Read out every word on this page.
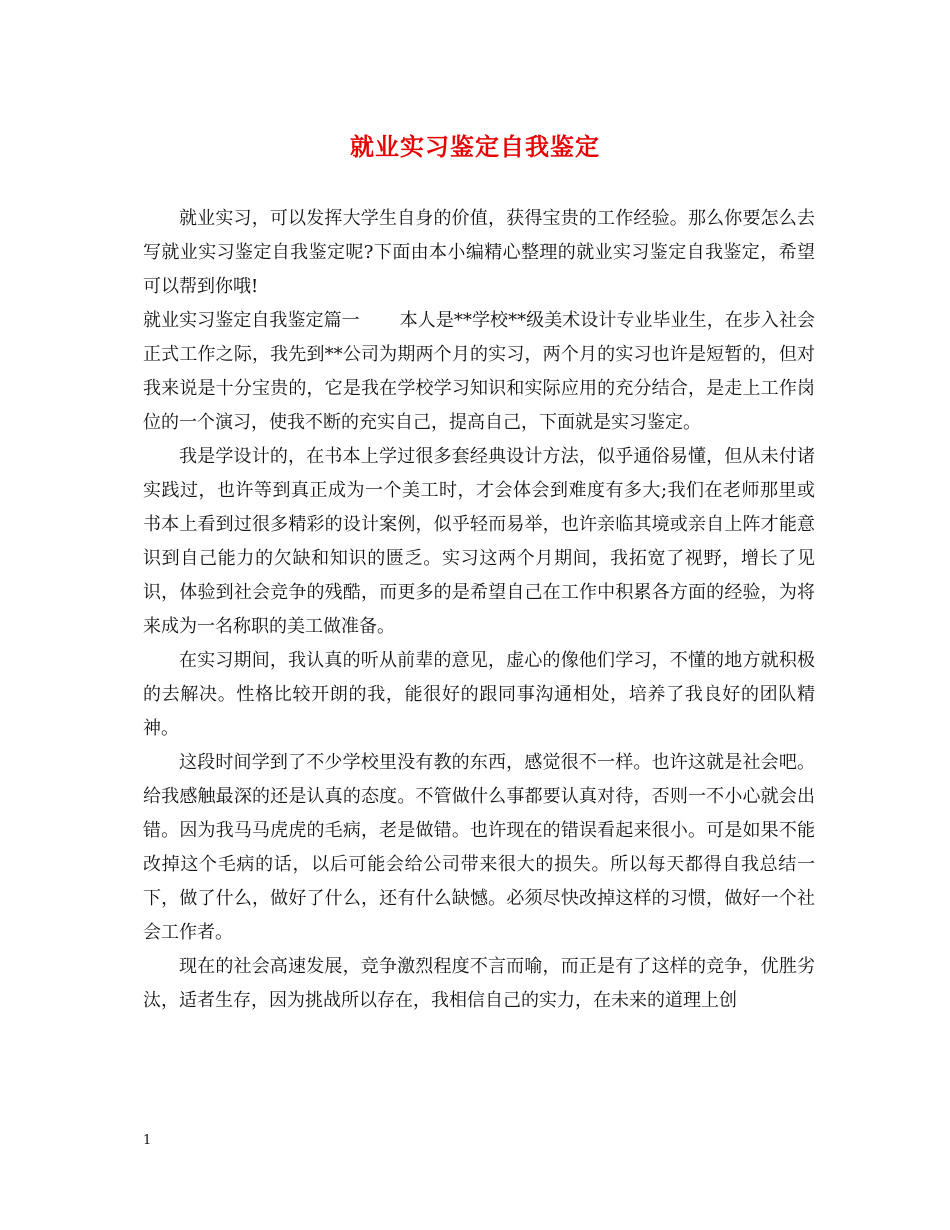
就业实习鉴定自我鉴定

就业实习，可以发挥大学生自身的价值，获得宝贵的工作经验。那么你要怎么去写就业实习鉴定自我鉴定呢?下面由本小编精心整理的就业实习鉴定自我鉴定，希望可以帮到你哦!

就业实习鉴定自我鉴定篇一 本人是**学校**级美术设计专业毕业生，在步入社会正式工作之际，我先到**公司为期两个月的实习，两个月的实习也许是短暂的，但对我来说是十分宝贵的，它是我在学校学习知识和实际应用的充分结合，是走上工作岗位的一个演习，使我不断的充实自己，提高自己，下面就是实习鉴定。

我是学设计的，在书本上学过很多套经典设计方法，似乎通俗易懂，但从未付诸实践过，也许等到真正成为一个美工时，才会体会到难度有多大;我们在老师那里或书本上看到过很多精彩的设计案例，似乎轻而易举，也许亲临其境或亲自上阵才能意识到自己能力的欠缺和知识的匮乏。实习这两个月期间，我拓宽了视野，增长了见识，体验到社会竞争的残酷，而更多的是希望自己在工作中积累各方面的经验，为将来成为一名称职的美工做准备。

在实习期间，我认真的听从前辈的意见，虚心的像他们学习，不懂的地方就积极的去解决。性格比较开朗的我，能很好的跟同事沟通相处，培养了我良好的团队精神。

这段时间学到了不少学校里没有教的东西，感觉很不一样。也许这就是社会吧。给我感触最深的还是认真的态度。不管做什么事都要认真对待，否则一不小心就会出错。因为我马马虎虎的毛病，老是做错。也许现在的错误看起来很小。可是如果不能改掉这个毛病的话，以后可能会给公司带来很大的损失。所以每天都得自我总结一下，做了什么，做好了什么，还有什么缺憾。必须尽快改掉这样的习惯，做好一个社会工作者。

现在的社会高速发展，竞争激烈程度不言而喻，而正是有了这样的竞争，优胜劣汰，适者生存，因为挑战所以存在，我相信自己的实力，在未来的道理上创

1
